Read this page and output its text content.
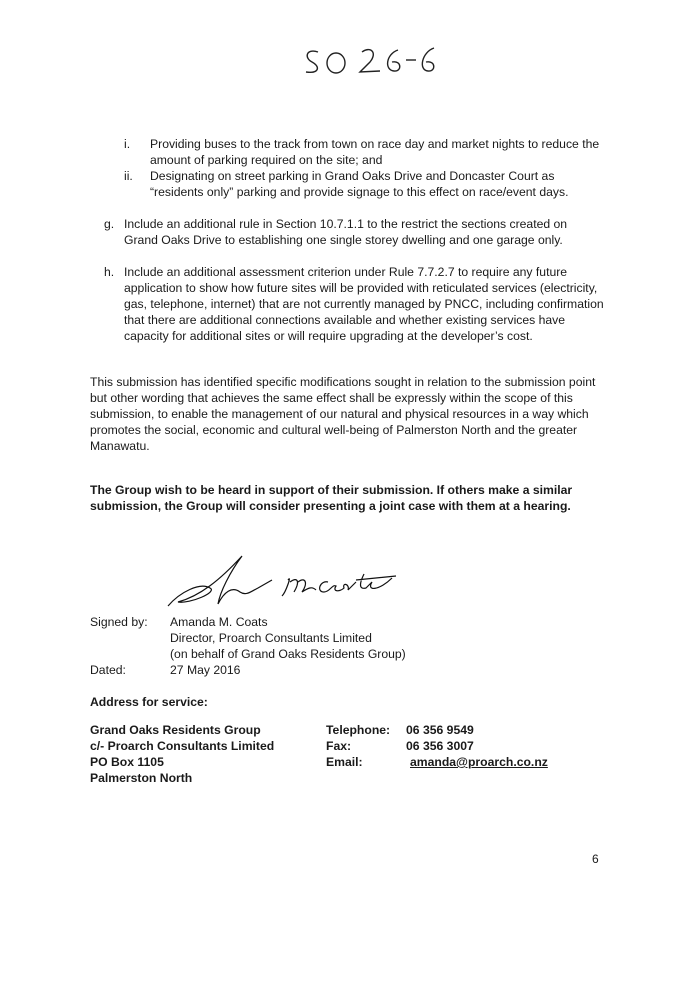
i.	Providing buses to the track from town on race day and market nights to reduce the amount of parking required on the site; and
ii.	Designating on street parking in Grand Oaks Drive and Doncaster Court as “residents only” parking and provide signage to this effect on race/event days.
g. Include an additional rule in Section 10.7.1.1 to the restrict the sections created on Grand Oaks Drive to establishing one single storey dwelling and one garage only.
h. Include an additional assessment criterion under Rule 7.7.2.7 to require any future application to show how future sites will be provided with reticulated services (electricity, gas, telephone, internet) that are not currently managed by PNCC, including confirmation that there are additional connections available and whether existing services have capacity for additional sites or will require upgrading at the developer’s cost.
This submission has identified specific modifications sought in relation to the submission point but other wording that achieves the same effect shall be expressly within the scope of this submission, to enable the management of our natural and physical resources in a way which promotes the social, economic and cultural well-being of Palmerston North and the greater Manawatu.
The Group wish to be heard in support of their submission. If others make a similar submission, the Group will consider presenting a joint case with them at a hearing.
Signed by: Amanda M. Coats
Director, Proarch Consultants Limited
(on behalf of Grand Oaks Residents Group)
Dated:	27 May 2016
Address for service:
Grand Oaks Residents Group
c/- Proarch Consultants Limited
PO Box 1105
Palmerston North
Telephone: 06 356 9549
Fax:	06 356 3007
Email:	amanda@proarch.co.nz
6
